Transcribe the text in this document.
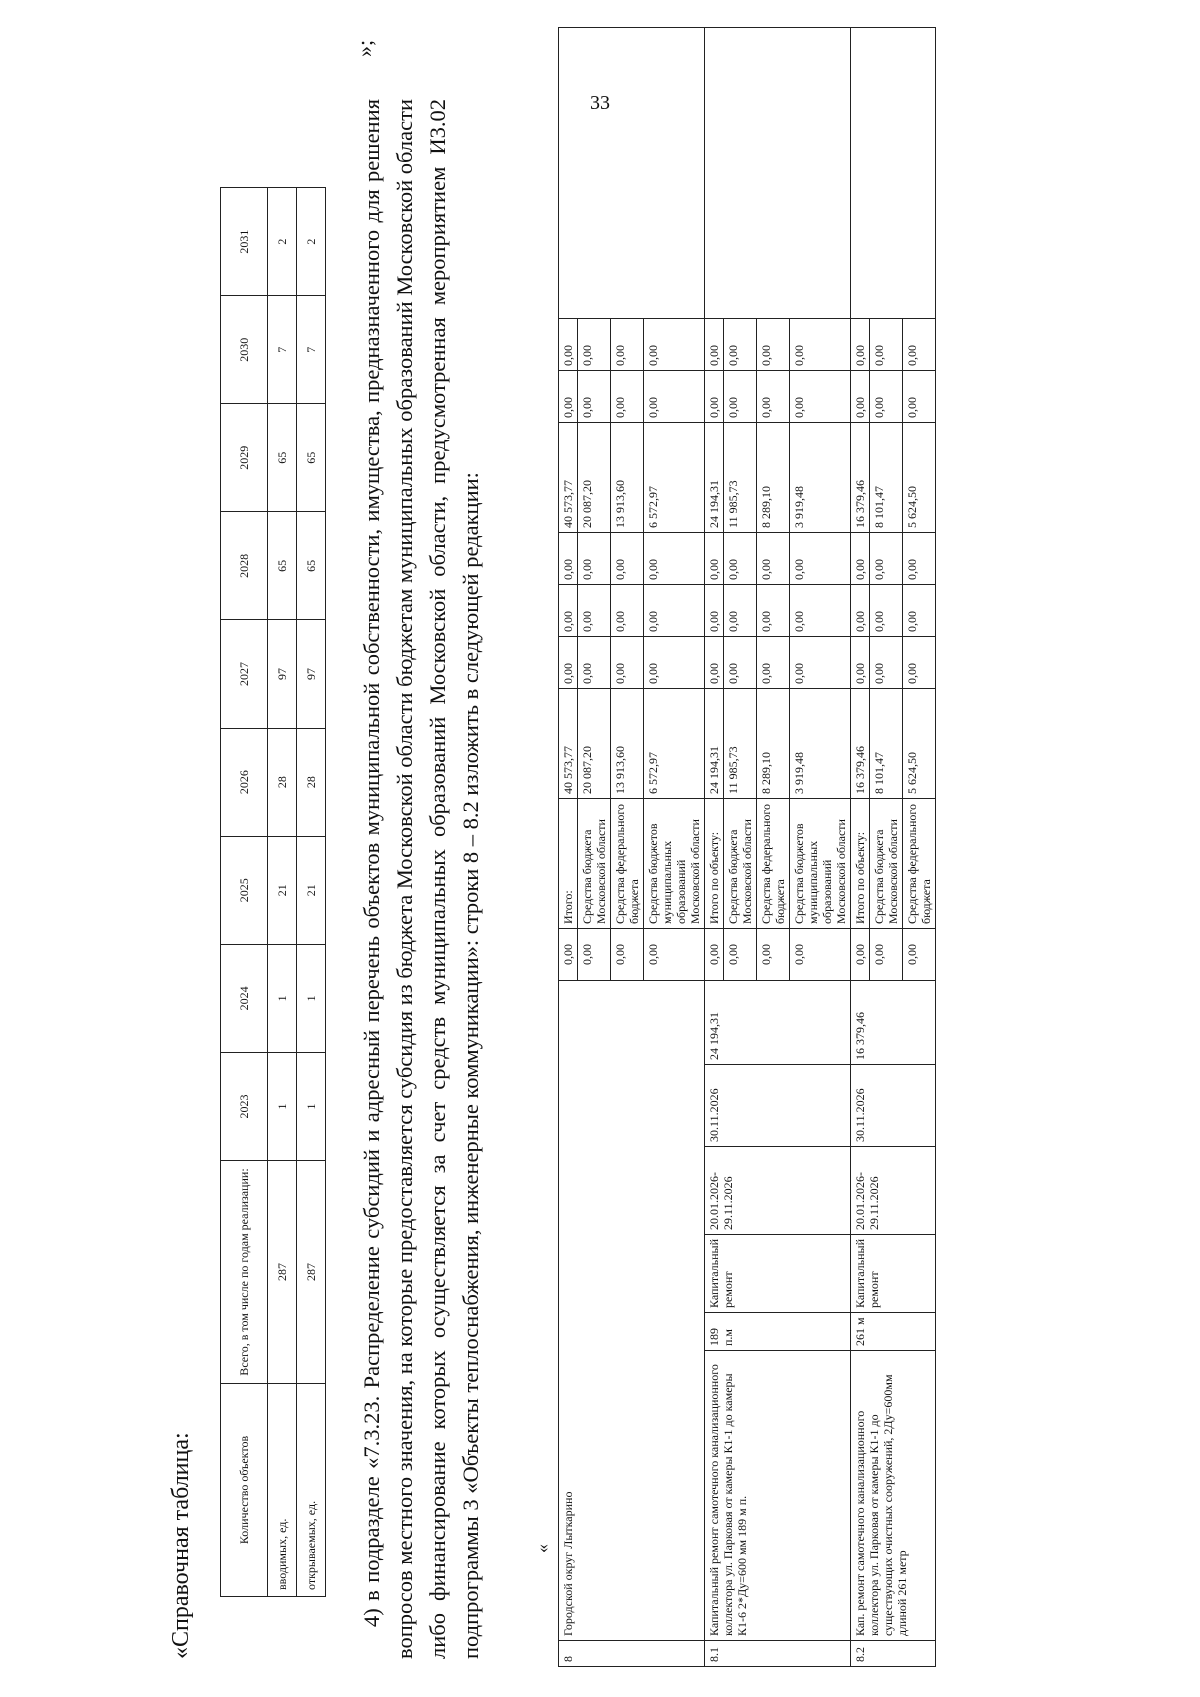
33
«Справочная таблица:	Количество объектов	Всего, в том числе по годам реализации:	2023	2024	2025	2026	2027	2028	2029	2030	2031
вводимых, ед.	287	1	1	21	28	97	65	65	7	2
открываемых, ед.	287	1	1	21	28	97	65	65	7	2
»;

4) в подразделе «7.3.23. Распределение субсидий и адресный перечень объектов муниципальной собственности, имущества, предназначенного для решения вопросов местного значения, на которые предоставляется субсидия из бюджета Московской области бюджетам муниципальных образований Московской области либо финансирование которых осуществляется за счет средств муниципальных образований Московской области, предусмотренная мероприятием И3.02 подпрограммы 3 «Объекты теплоснабжения, инженерные коммуникации»: строки 8 – 8.2 изложить в следующей редакции:	«
8	Городской округ Лыткарино						0,00	Итого:	40 573,77	0,00	0,00	0,00	40 573,77	0,00	0,00	
							0,00	Средства бюджета Московской области	20 087,20	0,00	0,00	0,00	20 087,20	0,00	0,00	
							0,00	Средства федерального бюджета	13 913,60	0,00	0,00	0,00	13 913,60	0,00	0,00	
							0,00	Средства бюджетов муниципальных образований Московской области	6 572,97	0,00	0,00	0,00	6 572,97	0,00	0,00	
8.1	Капитальный ремонт самотечного канализационного коллектора ул. Парковая от камеры К1-1 до камеры К1-6 2*Ду=600 мм 189 м п.	189 п.м	Капитальный ремонт	20.01.2026-29.11.2026	30.11.2026	24 194,31	0,00	Итого по объекту:	24 194,31	0,00	0,00	0,00	24 194,31	0,00	0,00	
							0,00	Средства бюджета Московской области	11 985,73	0,00	0,00	0,00	11 985,73	0,00	0,00	
							0,00	Средства федерального бюджета	8 289,10	0,00	0,00	0,00	8 289,10	0,00	0,00	
							0,00	Средства бюджетов муниципальных образований Московской области	3 919,48	0,00	0,00	0,00	3 919,48	0,00	0,00	
8.2	Кап. ремонт самотечного канализационного коллектора ул. Парковая от камеры К1-1 до существующих очистных сооружений, 2Ду=600мм длиной 261 метр	261 м	Капитальный ремонт	20.01.2026-29.11.2026	30.11.2026	16 379,46	0,00	Итого по объекту:	16 379,46	0,00	0,00	0,00	16 379,46	0,00	0,00	
							0,00	Средства бюджета Московской области	8 101,47	0,00	0,00	0,00	8 101,47	0,00	0,00	
							0,00	Средства федерального бюджета	5 624,50	0,00	0,00	0,00	5 624,50	0,00	0,00	
